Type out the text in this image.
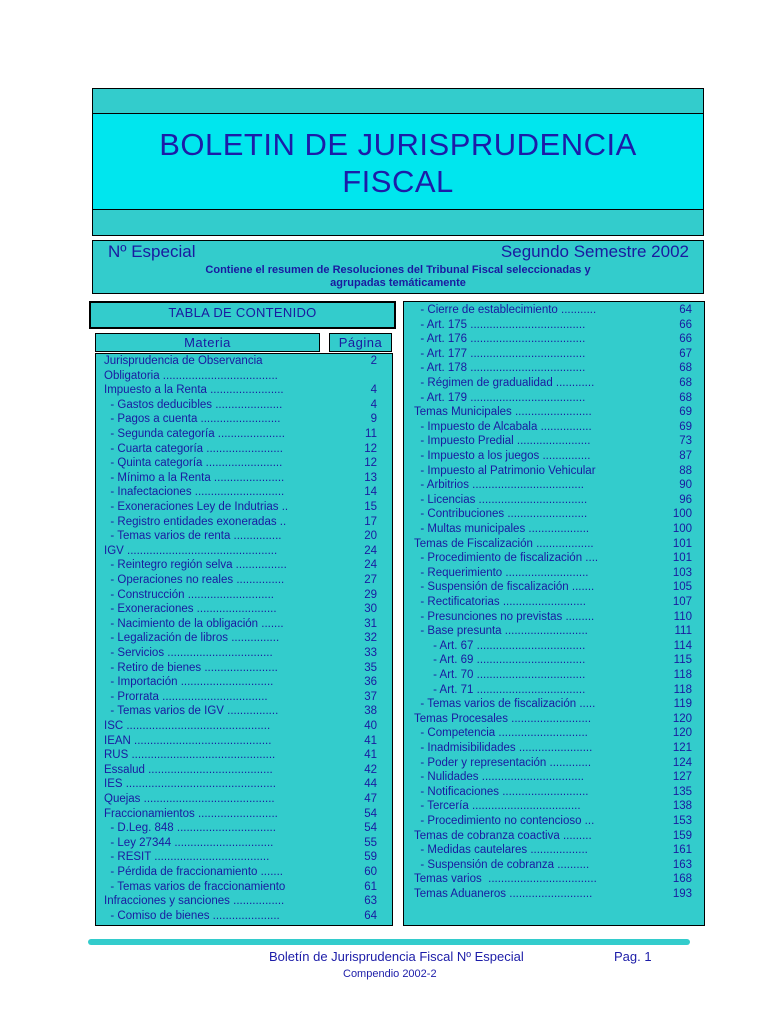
BOLETIN DE JURISPRUDENCIA
FISCAL
Nº Especial	Segundo Semestre 2002
Contiene el resumen de Resoluciones del Tribunal Fiscal seleccionadas y
agrupadas temáticamente
TABLA DE CONTENIDO
Materia	Página
Jurisprudencia de Observancia	2
Obligatoria ....................................
Impuesto a la Renta .......................	4
- Gastos deducibles .....................	4
- Pagos a cuenta .........................	9
- Segunda categoría .....................	11
- Cuarta categoría ........................	12
- Quinta categoría ........................	12
- Mínimo a la Renta ......................	13
- Inafectaciones ............................	14
- Exoneraciones Ley de Indutrias ..	15
- Registro entidades exoneradas ..	17
- Temas varios de renta ...............	20
IGV ...............................................	24
- Reintegro región selva ................	24
- Operaciones no reales ...............	27
- Construcción ...........................	29
- Exoneraciones .........................	30
- Nacimiento de la obligación .......	31
- Legalización de libros ...............	32
- Servicios .................................	33
- Retiro de bienes .......................	35
- Importación .............................	36
- Prorrata .................................	37
- Temas varios de IGV ................	38
ISC .............................................	40
IEAN ...........................................	41
RUS .............................................	41
Essalud .......................................	42
IES ...............................................	44
Quejas .........................................	47
Fraccionamientos .........................	54
- D.Leg. 848 ...............................	54
- Ley 27344 ...............................	55
- RESIT ....................................	59
- Pérdida de fraccionamiento .......	60
- Temas varios de fraccionamiento	61
Infracciones y sanciones ................	63
- Comiso de bienes .....................	64
- Cierre de establecimiento ...........	64
- Art. 175 ....................................	66
- Art. 176 ....................................	66
- Art. 177 ....................................	67
- Art. 178 ....................................	68
- Régimen de gradualidad ............	68
- Art. 179 ....................................	68
Temas Municipales ........................	69
- Impuesto de Alcabala ................	69
- Impuesto Predial .......................	73
- Impuesto a los juegos ...............	87
- Impuesto al Patrimonio Vehicular	88
- Arbitrios ...................................	90
- Licencias ..................................	96
- Contribuciones .........................	100
- Multas municipales ...................	100
Temas de Fiscalización ..................	101
- Procedimiento de fiscalización ....	101
- Requerimiento ..........................	103
- Suspensión de fiscalización .......	105
- Rectificatorias ..........................	107
- Presunciones no previstas .........	110
- Base presunta ..........................	111
- Art. 67 ..................................	114
- Art. 69 ..................................	115
- Art. 70 ..................................	118
- Art. 71 ..................................	118
- Temas varios de fiscalización .....	119
Temas Procesales .........................	120
- Competencia ............................	120
- Inadmisibilidades .......................	121
- Poder y representación .............	124
- Nulidades ................................	127
- Notificaciones ...........................	135
- Tercería ..................................	138
- Procedimiento no contencioso ...	153
Temas de cobranza coactiva .........	159
- Medidas cautelares ..................	161
- Suspensión de cobranza ..........	163
Temas varios  ..................................	168
Temas Aduaneros ..........................	193
Boletín de Jurisprudencia Fiscal Nº Especial	Pag. 1
Compendio 2002-2
